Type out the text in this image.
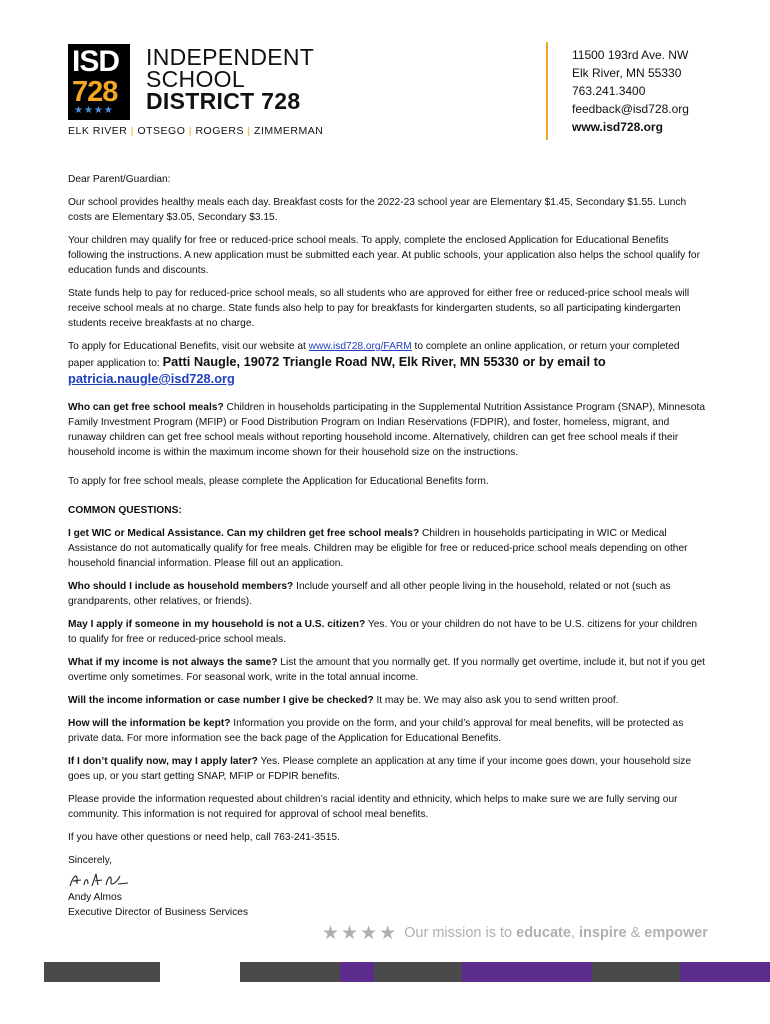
ISD
728
★★★★
INDEPENDENT
SCHOOL
DISTRICT 728
ELK RIVER | OTSEGO | ROGERS | ZIMMERMAN
11500 193rd Ave. NW
Elk River, MN 55330
763.241.3400
feedback@isd728.org
www.isd728.org

Dear Parent/Guardian:

Our school provides healthy meals each day. Breakfast costs for the 2022-23 school year are Elementary $1.45, Secondary $1.55. Lunch costs are Elementary $3.05, Secondary $3.15.

Your children may qualify for free or reduced-price school meals. To apply, complete the enclosed Application for Educational Benefits following the instructions. A new application must be submitted each year. At public schools, your application also helps the school qualify for education funds and discounts.

State funds help to pay for reduced-price school meals, so all students who are approved for either free or reduced-price school meals will receive school meals at no charge. State funds also help to pay for breakfasts for kindergarten students, so all participating kindergarten students receive breakfasts at no charge.

To apply for Educational Benefits, visit our website at www.isd728.org/FARM to complete an online application, or return your completed paper application to: Patti Naugle, 19072 Triangle Road NW, Elk River, MN 55330 or by email to
patricia.naugle@isd728.org

Who can get free school meals? Children in households participating in the Supplemental Nutrition Assistance Program (SNAP), Minnesota Family Investment Program (MFIP) or Food Distribution Program on Indian Reservations (FDPIR), and foster, homeless, migrant, and runaway children can get free school meals without reporting household income. Alternatively, children can get free school meals if their household income is within the maximum income shown for their household size on the instructions.

To apply for free school meals, please complete the Application for Educational Benefits form.

COMMON QUESTIONS:

I get WIC or Medical Assistance. Can my children get free school meals? Children in households participating in WIC or Medical Assistance do not automatically qualify for free meals. Children may be eligible for free or reduced-price school meals depending on other household financial information. Please fill out an application.

Who should I include as household members? Include yourself and all other people living in the household, related or not (such as grandparents, other relatives, or friends).

May I apply if someone in my household is not a U.S. citizen? Yes. You or your children do not have to be U.S. citizens for your children to qualify for free or reduced-price school meals.

What if my income is not always the same? List the amount that you normally get. If you normally get overtime, include it, but not if you get overtime only sometimes. For seasonal work, write in the total annual income.

Will the income information or case number I give be checked? It may be. We may also ask you to send written proof.

How will the information be kept? Information you provide on the form, and your child’s approval for meal benefits, will be protected as private data. For more information see the back page of the Application for Educational Benefits.

If I don’t qualify now, may I apply later? Yes. Please complete an application at any time if your income goes down, your household size goes up, or you start getting SNAP, MFIP or FDPIR benefits.

Please provide the information requested about children’s racial identity and ethnicity, which helps to make sure we are fully serving our community. This information is not required for approval of school meal benefits.

If you have other questions or need help, call 763-241-3515.

Sincerely,

Andy Almos
Executive Director of Business Services
★★★★ Our mission is to educate, inspire & empower
